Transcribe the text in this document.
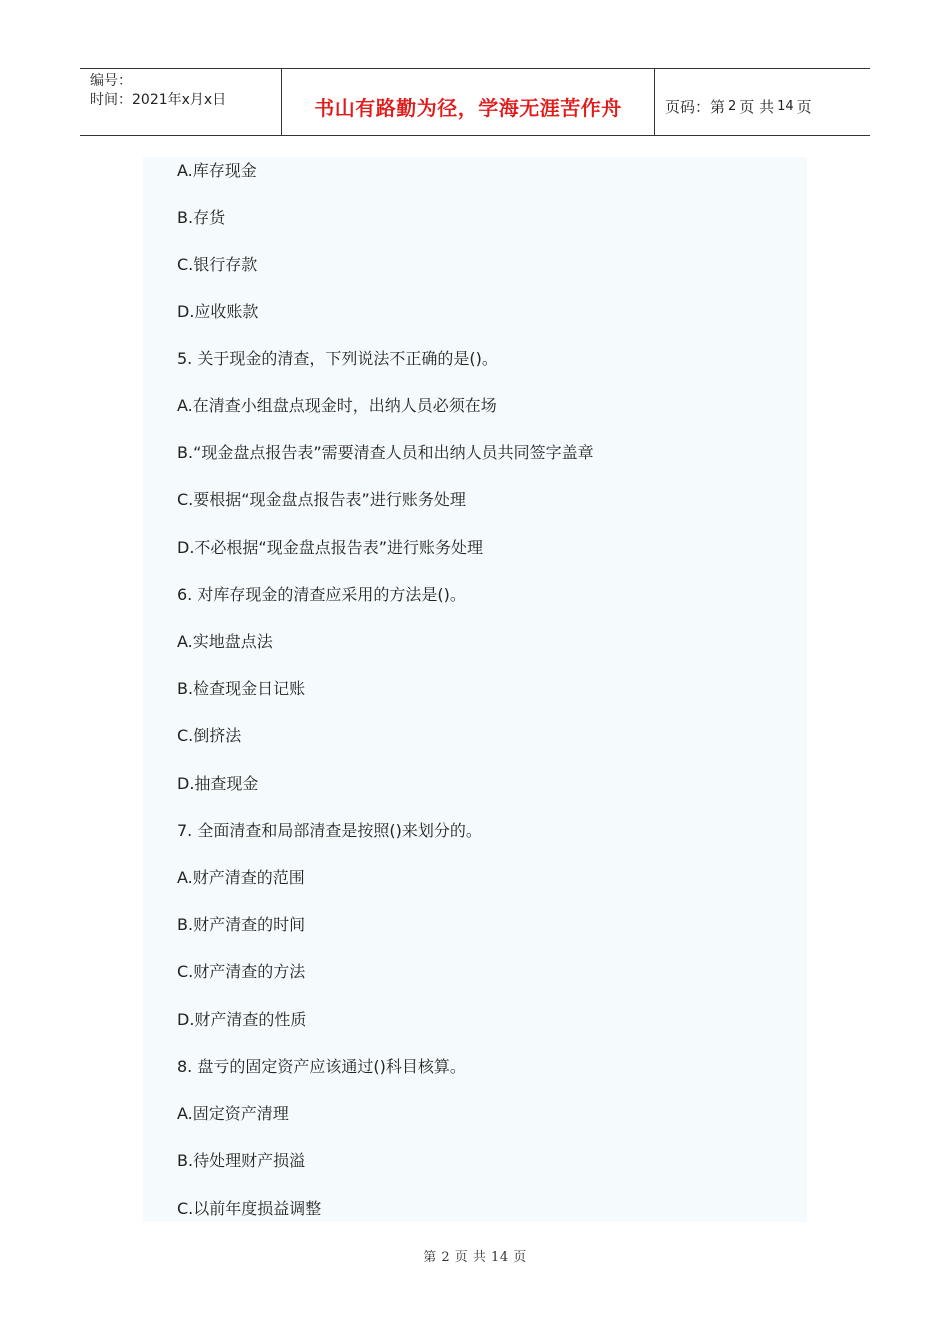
编号：
时间：2021年x月x日	书山有路勤为径，学海无涯苦作舟	页码：第 2 页 共 14 页
A.库存现金
B.存货
C.银行存款
D.应收账款
5. 关于现金的清查，下列说法不正确的是()。
A.在清查小组盘点现金时，出纳人员必须在场
B.“现金盘点报告表”需要清查人员和出纳人员共同签字盖章
C.要根据“现金盘点报告表”进行账务处理
D.不必根据“现金盘点报告表”进行账务处理
6. 对库存现金的清查应采用的方法是()。
A.实地盘点法
B.检查现金日记账
C.倒挤法
D.抽查现金
7. 全面清查和局部清查是按照()来划分的。
A.财产清查的范围
B.财产清查的时间
C.财产清查的方法
D.财产清查的性质
8. 盘亏的固定资产应该通过()科目核算。
A.固定资产清理
B.待处理财产损溢
C.以前年度损益调整
第 2 页 共 14 页
